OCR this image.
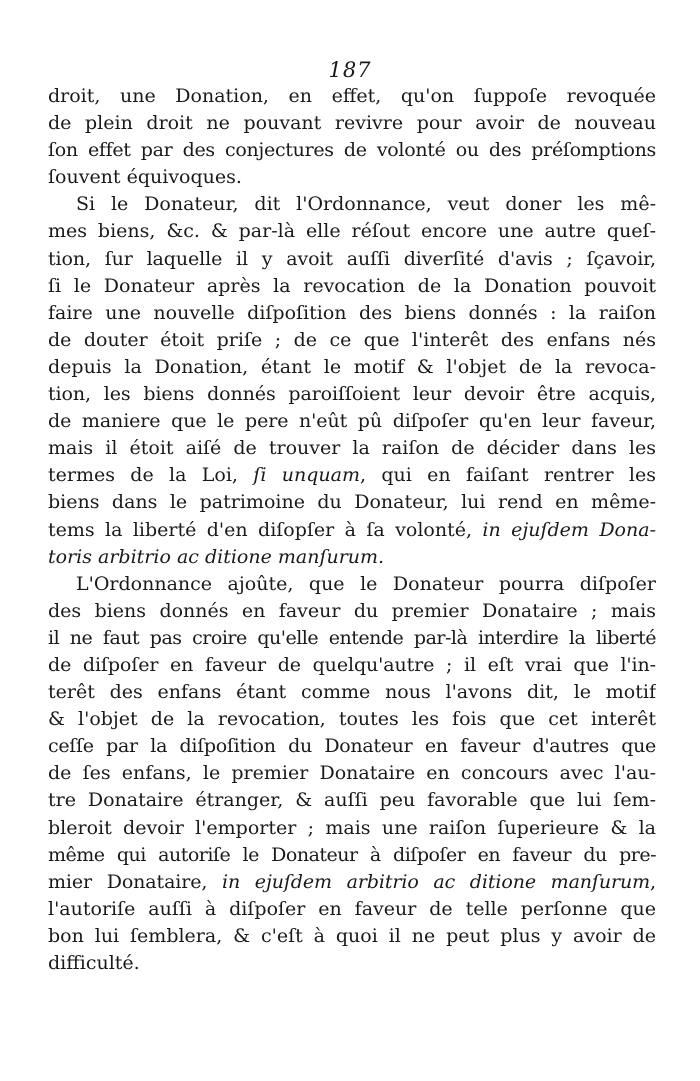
187
droit, une Donation, en effet, qu'on ſuppoſe revoquée
de plein droit ne pouvant revivre pour avoir de nouveau
ſon effet par des conjectures de volonté ou des préſomptions
ſouvent équivoques.
Si le Donateur, dit l'Ordonnance, veut doner les mê-
mes biens, &c. & par-là elle réſout encore une autre queſ-
tion, ſur laquelle il y avoit auſſi diverſité d'avis ; ſçavoir,
ſi le Donateur après la revocation de la Donation pouvoit
faire une nouvelle diſpoſition des biens donnés : la raiſon
de douter étoit priſe ; de ce que l'interêt des enfans nés
depuis la Donation, étant le motif & l'objet de la revoca-
tion, les biens donnés paroiſſoient leur devoir être acquis,
de maniere que le pere n'eût pû diſpoſer qu'en leur faveur,
mais il étoit aiſé de trouver la raiſon de décider dans les
termes de la Loi, ſi unquam, qui en faiſant rentrer les
biens dans le patrimoine du Donateur, lui rend en même-
tems la liberté d'en diſopſer à ſa volonté, in ejuſdem Dona-
toris arbitrio ac ditione manſurum.
L'Ordonnance ajoûte, que le Donateur pourra diſpoſer
des biens donnés en faveur du premier Donataire ; mais
il ne faut pas croire qu'elle entende par-là interdire la liberté
de diſpoſer en faveur de quelqu'autre ; il eſt vrai que l'in-
terêt des enfans étant comme nous l'avons dit, le motif
& l'objet de la revocation, toutes les fois que cet interêt
ceſſe par la diſpoſition du Donateur en faveur d'autres que
de ſes enfans, le premier Donataire en concours avec l'au-
tre Donataire étranger, & auſſi peu favorable que lui ſem-
bleroit devoir l'emporter ; mais une raiſon ſuperieure & la
même qui autoriſe le Donateur à diſpoſer en faveur du pre-
mier Donataire, in ejuſdem arbitrio ac ditione manſurum,
l'autoriſe auſſi à diſpoſer en faveur de telle perſonne que
bon lui ſemblera, & c'eſt à quoi il ne peut plus y avoir de
difficulté.
